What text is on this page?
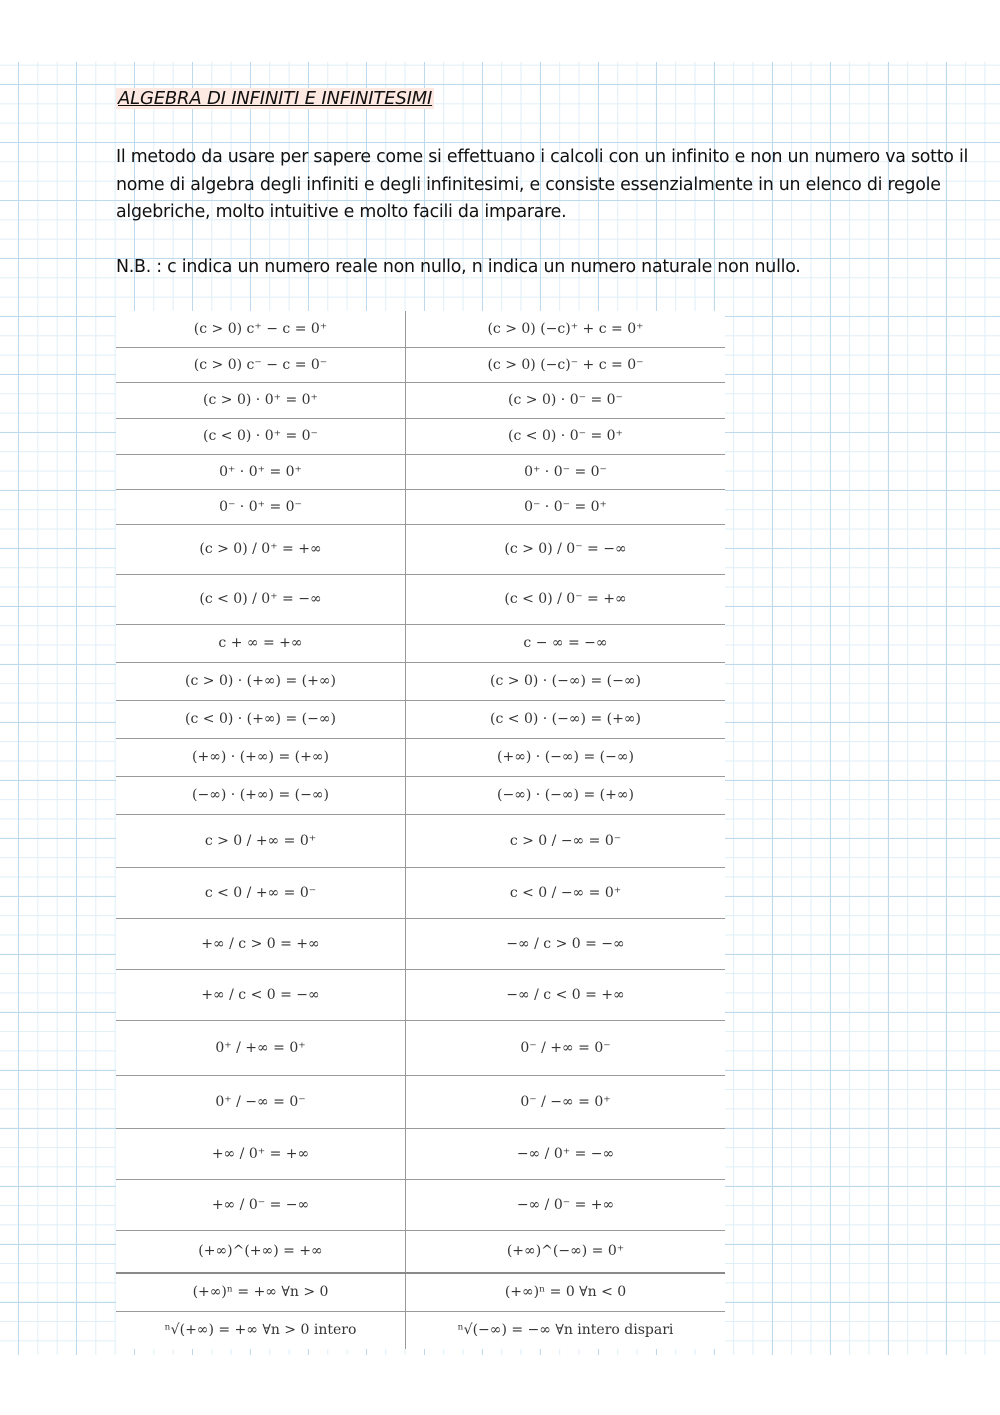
ALGEBRA DI INFINITI E INFINITESIMI

Il metodo da usare per sapere come si effettuano i calcoli con un infinito e non un numero va sotto il nome di algebra degli infiniti e degli infinitesimi, e consiste essenzialmente in un elenco di regole algebriche, molto intuitive e molto facili da imparare.

N.B. : c indica un numero reale non nullo, n indica un numero naturale non nullo.

(c > 0) c⁺ − c = 0⁺	(c > 0) (−c)⁺ + c = 0⁺
(c > 0) c⁻ − c = 0⁻	(c > 0) (−c)⁻ + c = 0⁻
(c > 0) · 0⁺ = 0⁺	(c > 0) · 0⁻ = 0⁻
(c < 0) · 0⁺ = 0⁻	(c < 0) · 0⁻ = 0⁺
0⁺ · 0⁺ = 0⁺	0⁺ · 0⁻ = 0⁻
0⁻ · 0⁺ = 0⁻	0⁻ · 0⁻ = 0⁺
(c > 0) / 0⁺ = +∞	(c > 0) / 0⁻ = −∞
(c < 0) / 0⁺ = −∞	(c < 0) / 0⁻ = +∞
c + ∞ = +∞	c − ∞ = −∞
(c > 0) · (+∞) = (+∞)	(c > 0) · (−∞) = (−∞)
(c < 0) · (+∞) = (−∞)	(c < 0) · (−∞) = (+∞)
(+∞) · (+∞) = (+∞)	(+∞) · (−∞) = (−∞)
(−∞) · (+∞) = (−∞)	(−∞) · (−∞) = (+∞)
c > 0 / +∞ = 0⁺	c > 0 / −∞ = 0⁻
c < 0 / +∞ = 0⁻	c < 0 / −∞ = 0⁺
+∞ / c > 0 = +∞	−∞ / c > 0 = −∞
+∞ / c < 0 = −∞	−∞ / c < 0 = +∞
0⁺ / +∞ = 0⁺	0⁻ / +∞ = 0⁻
0⁺ / −∞ = 0⁻	0⁻ / −∞ = 0⁺
+∞ / 0⁺ = +∞	−∞ / 0⁺ = −∞
+∞ / 0⁻ = −∞	−∞ / 0⁻ = +∞
(+∞)^(+∞) = +∞	(+∞)^(−∞) = 0⁺
(+∞)ⁿ = +∞ ∀n > 0	(+∞)ⁿ = 0 ∀n < 0
ⁿ√(+∞) = +∞ ∀n > 0 intero	ⁿ√(−∞) = −∞ ∀n intero dispari
